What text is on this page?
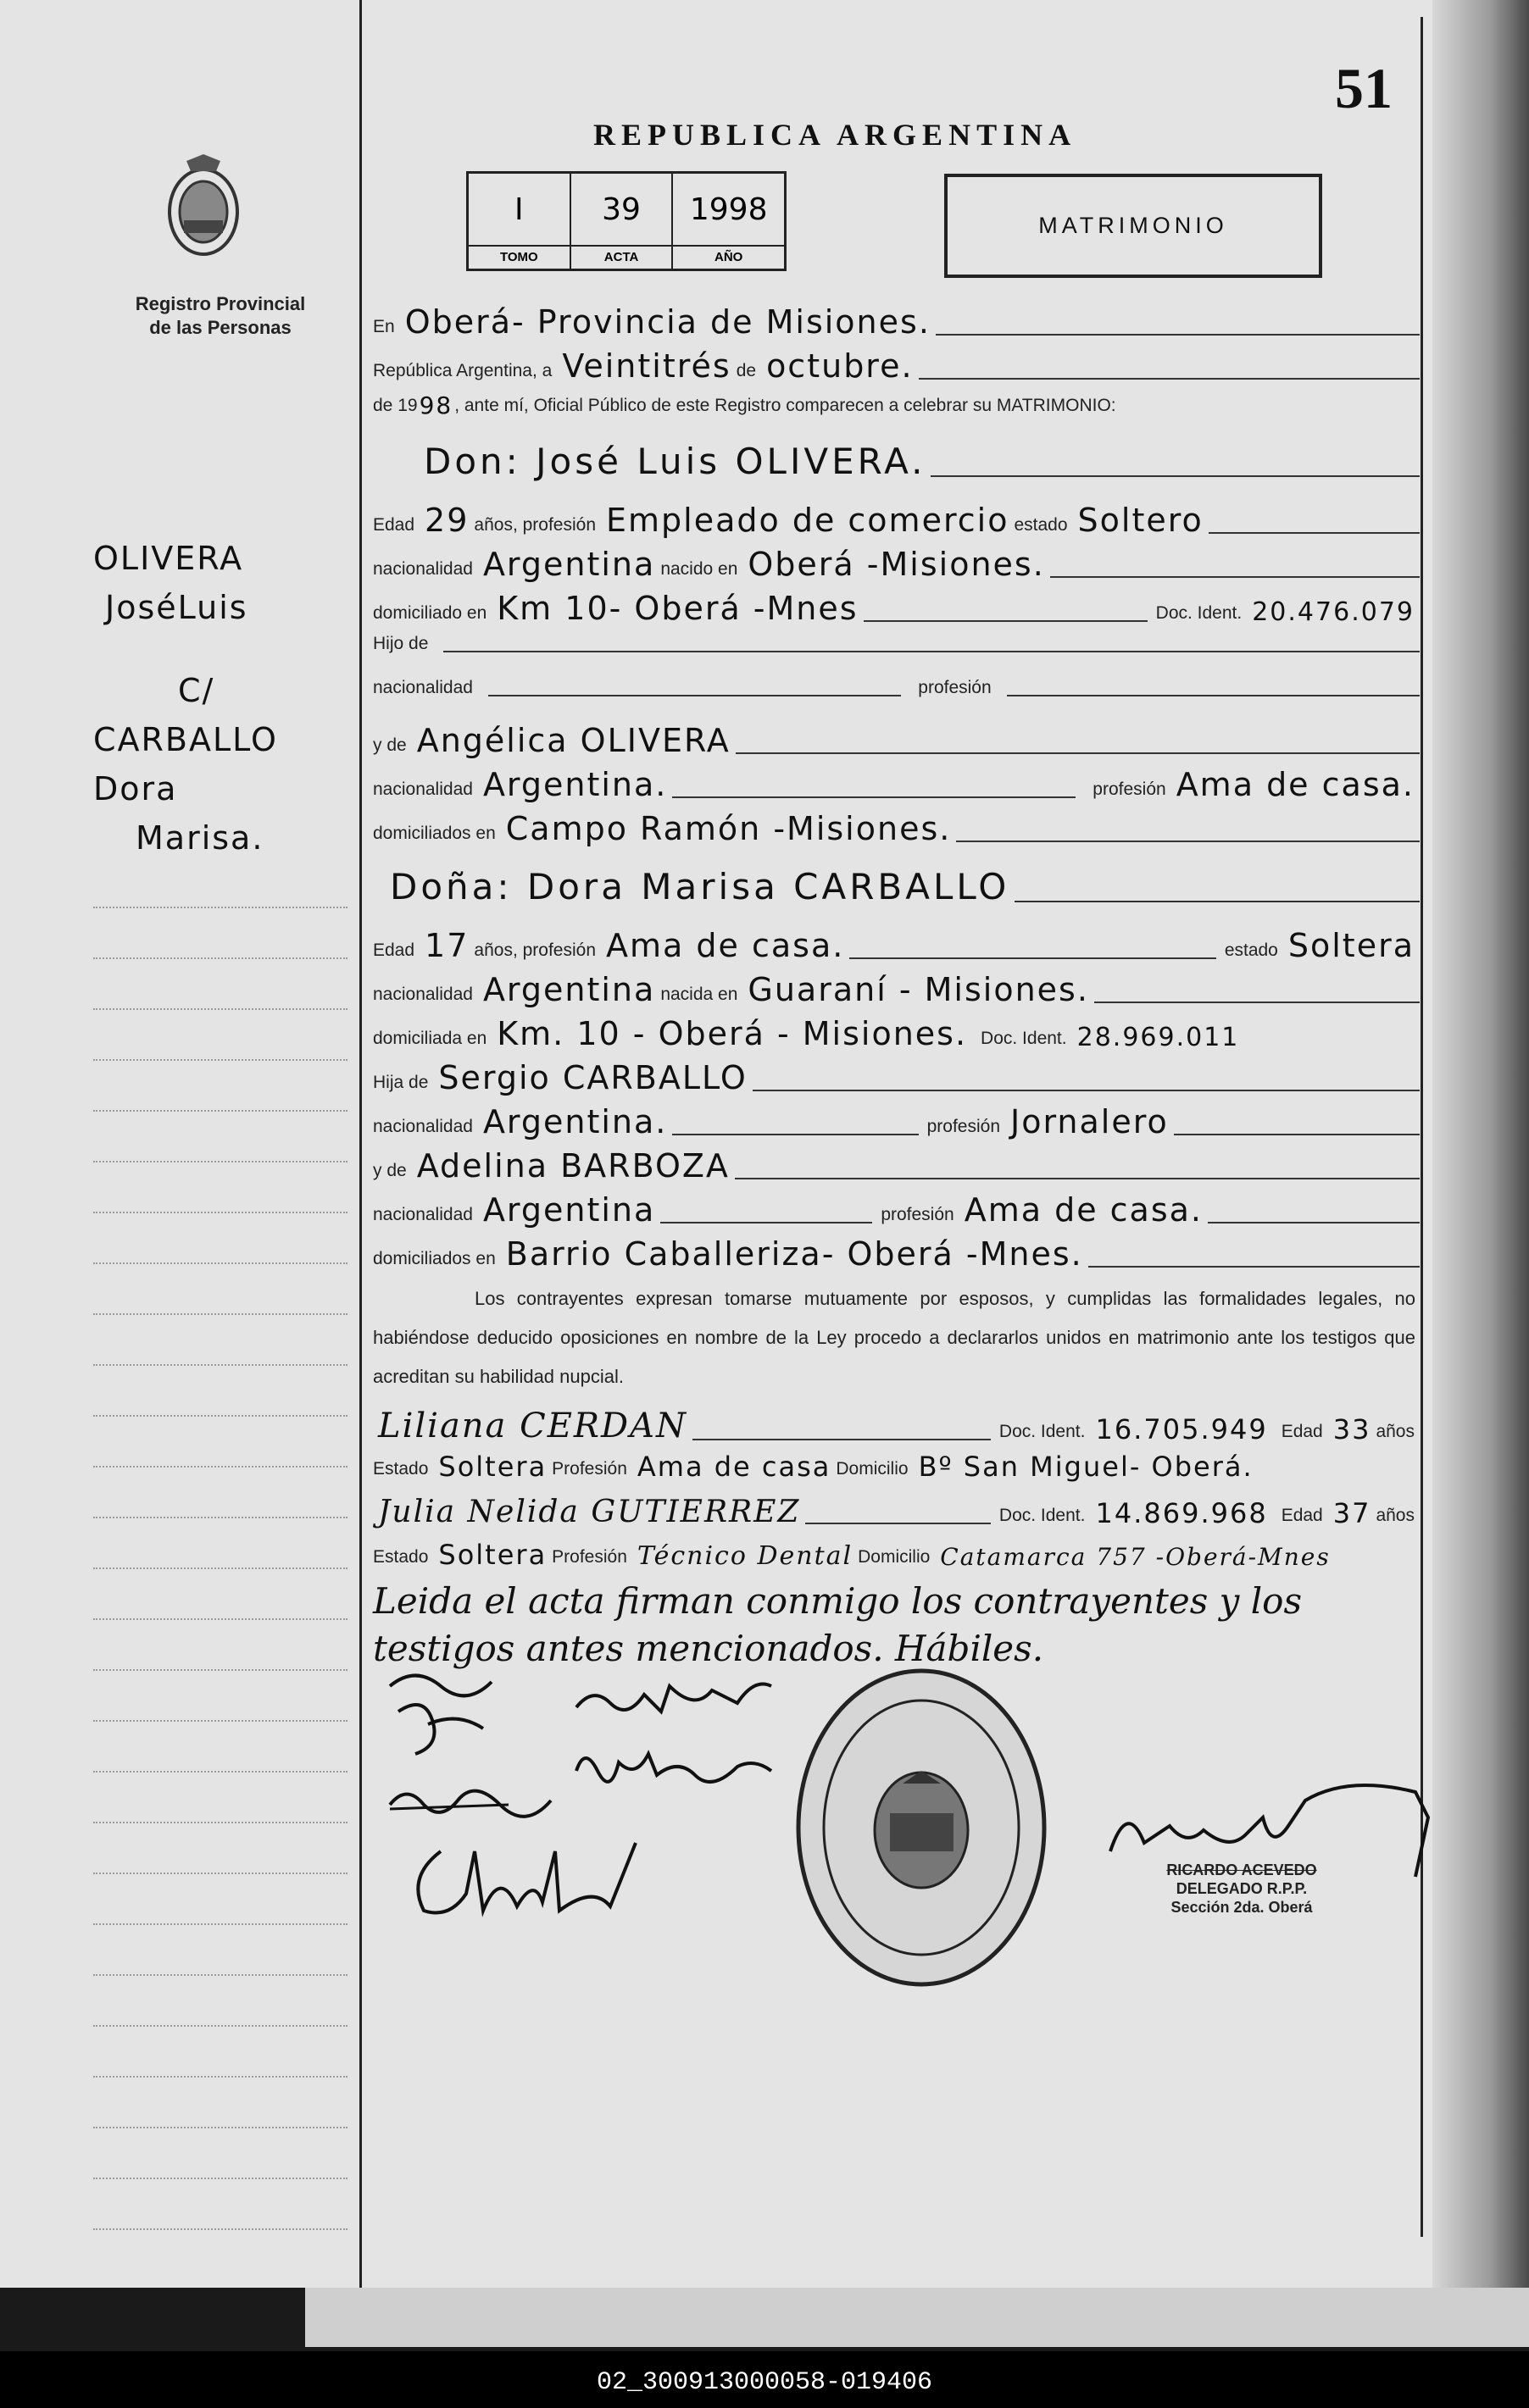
Registro Provincial
de las Personas
OLIVERA
JoséLuis
C/
CARBALLO
Dora
Marisa.
51
REPUBLICA ARGENTINA
I
TOMO
39
ACTA
1998
AÑO
MATRIMONIO
En Oberá- Provincia de Misiones.
República Argentina, a Veintitrés de octubre.
de 19 98 , ante mí, Oficial Público de este Registro comparecen a celebrar su MATRIMONIO:
Don: José Luis OLIVERA.
Edad 29 años, profesión Empleado de comercio estado Soltero
nacionalidad Argentina nacido en Oberá -Misiones.
domiciliado en Km 10- Oberá -Mnes	Doc. Ident. 20.476.079
Hijo de
nacionalidad	profesión
y de Angélica OLIVERA
nacionalidad Argentina.	profesión Ama de casa.
domiciliados en Campo Ramón -Misiones.
Doña: Dora Marisa CARBALLO
Edad 17 años, profesión Ama de casa.	estado Soltera
nacionalidad Argentina nacida en Guaraní - Misiones.
domiciliada en Km. 10 - Oberá - Misiones. Doc. Ident. 28.969.011
Hija de Sergio CARBALLO
nacionalidad Argentina.	profesión Jornalero
y de Adelina BARBOZA
nacionalidad Argentina	profesión Ama de casa.
domiciliados en Barrio Caballeriza- Oberá -Mnes.
Los contrayentes expresan tomarse mutuamente por esposos, y cumplidas las formalidades legales, no habiéndose deducido oposiciones en nombre de la Ley procedo a declararlos unidos en matrimonio ante los testigos que acreditan su habilidad nupcial.
Liliana CERDAN	Doc. Ident. 16.705.949 Edad 33 años
Estado Soltera Profesión Ama de casa Domicilio Bº San Miguel- Oberá.
Julia Nelida GUTIERREZ	Doc. Ident. 14.869.968 Edad 37 años
Estado Soltera Profesión Técnico Dental Domicilio Catamarca 757 -Oberá-Mnes
Leida el acta firman conmigo los contrayentes y los testigos antes mencionados. Hábiles.
RICARDO ACEVEDO
DELEGADO R.P.P.
Sección 2da. Oberá
02_300913000058-019406
